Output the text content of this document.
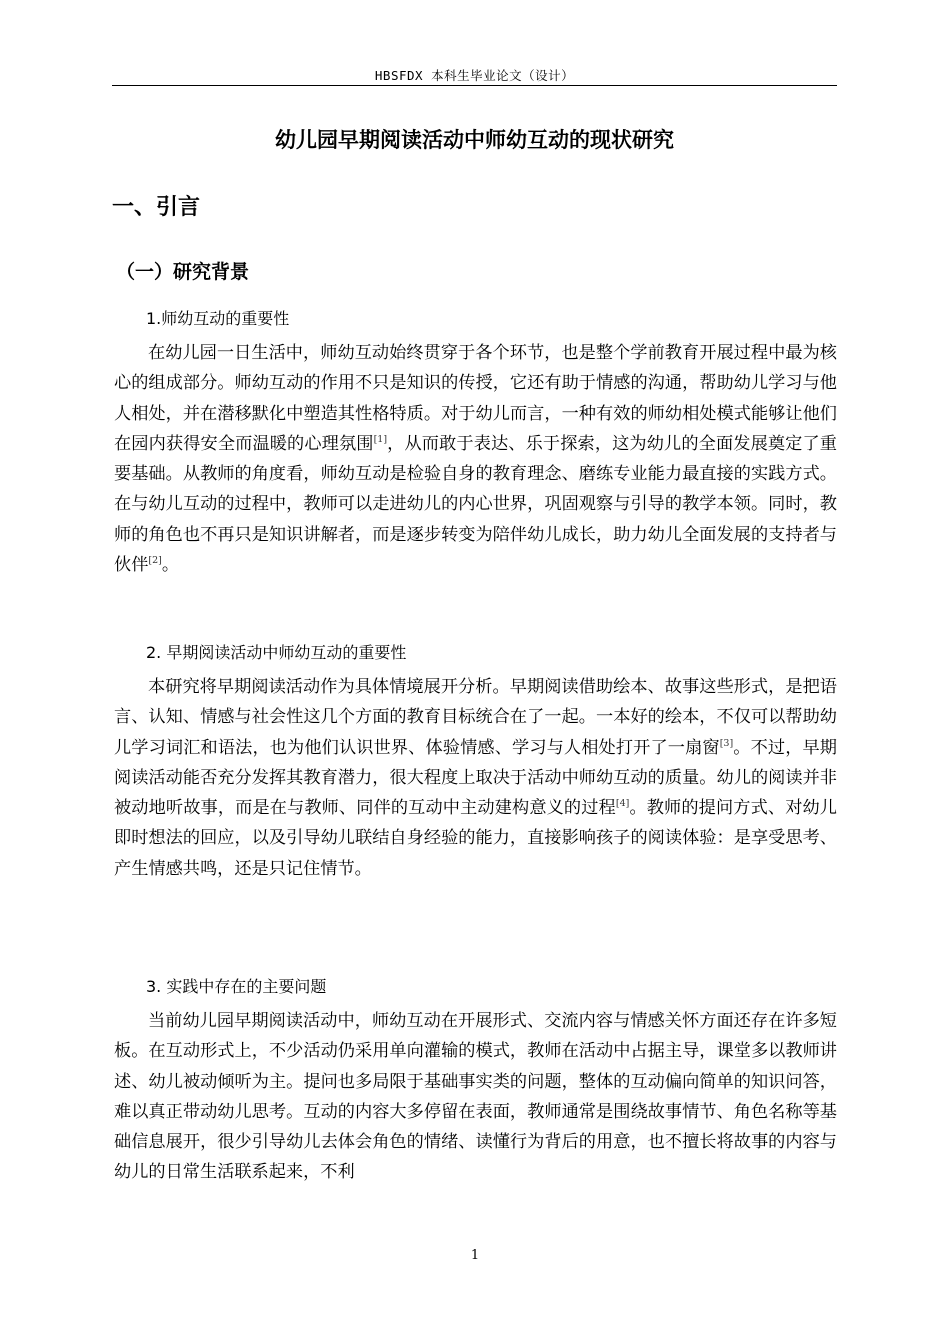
HBSFDX 本科生毕业论文（设计）
幼儿园早期阅读活动中师幼互动的现状研究
一、引言
（一）研究背景
1.师幼互动的重要性

在幼儿园一日生活中，师幼互动始终贯穿于各个环节，也是整个学前教育开展过程中最为核心的组成部分。师幼互动的作用不只是知识的传授，它还有助于情感的沟通，帮助幼儿学习与他人相处，并在潜移默化中塑造其性格特质。对于幼儿而言，一种有效的师幼相处模式能够让他们在园内获得安全而温暖的心理氛围[1]，从而敢于表达、乐于探索，这为幼儿的全面发展奠定了重要基础。从教师的角度看，师幼互动是检验自身的教育理念、磨练专业能力最直接的实践方式。在与幼儿互动的过程中，教师可以走进幼儿的内心世界，巩固观察与引导的教学本领。同时，教师的角色也不再只是知识讲解者，而是逐步转变为陪伴幼儿成长，助力幼儿全面发展的支持者与伙伴[2]。

2. 早期阅读活动中师幼互动的重要性

本研究将早期阅读活动作为具体情境展开分析。早期阅读借助绘本、故事这些形式，是把语言、认知、情感与社会性这几个方面的教育目标统合在了一起。一本好的绘本，不仅可以帮助幼儿学习词汇和语法，也为他们认识世界、体验情感、学习与人相处打开了一扇窗[3]。不过，早期阅读活动能否充分发挥其教育潜力，很大程度上取决于活动中师幼互动的质量。幼儿的阅读并非被动地听故事，而是在与教师、同伴的互动中主动建构意义的过程[4]。教师的提问方式、对幼儿即时想法的回应，以及引导幼儿联结自身经验的能力，直接影响孩子的阅读体验：是享受思考、产生情感共鸣，还是只记住情节。

3. 实践中存在的主要问题

当前幼儿园早期阅读活动中，师幼互动在开展形式、交流内容与情感关怀方面还存在许多短板。在互动形式上，不少活动仍采用单向灌输的模式，教师在活动中占据主导，课堂多以教师讲述、幼儿被动倾听为主。提问也多局限于基础事实类的问题，整体的互动偏向简单的知识问答，难以真正带动幼儿思考。互动的内容大多停留在表面，教师通常是围绕故事情节、角色名称等基础信息展开，很少引导幼儿去体会角色的情绪、读懂行为背后的用意，也不擅长将故事的内容与幼儿的日常生活联系起来，不利

1
